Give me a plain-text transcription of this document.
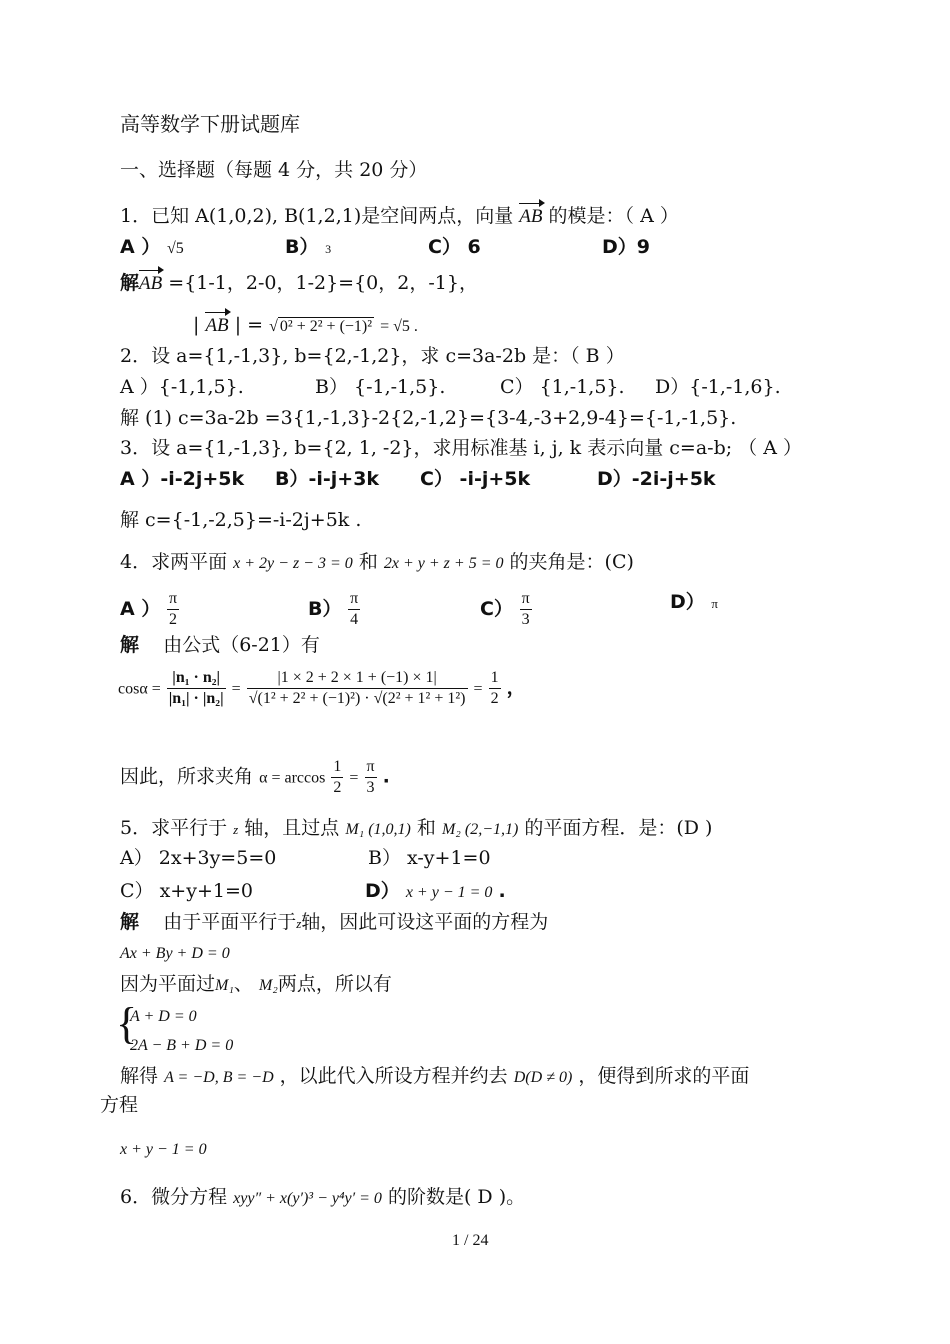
高等数学下册试题库
一、选择题（每题 4 分，共 20 分）
1．已知 A(1,0,2), B(1,2,1)是空间两点，向量 AB 的模是：（ A ）
A ） √5	B） 3	C） 6	D）9
解AB ={1-1，2-0，1-2}={0，2，-1}，
| AB | = √ 0² + 2² + (−1)² = √5 .
2．设 a={1,-1,3}, b={2,-1,2}，求 c=3a-2b 是：（ B ）
A ）{-1,1,5}.	B） {-1,-1,5}.	C） {1,-1,5}. D）{-1,-1,6}.
解 (1) c=3a-2b =3{1,-1,3}-2{2,-1,2}={3-4,-3+2,9-4}={-1,-1,5}.
3．设 a={1,-1,3}, b={2, 1, -2}，求用标准基 i, j, k 表示向量 c=a-b; （ A ）
A ）-i-2j+5k B）-i-j+3k C） -i-j+5k	D）-2i-j+5k
解 c={-1,-2,5}=-i-2j+5k .
4．求两平面 x + 2y − z − 3 = 0 和 2x + y + z + 5 = 0 的夹角是：(C)
A ） $\frac{\pi}{2}$	$B) \frac{\pi}{4}$	$C) \frac{\pi}{3}$	D） π
解 由公式（6-21）有
$\cos\alpha = \frac{\text{|n₁ · n₂|}}{\text{|n₁| · |n₂|}} = \frac{|1 \times 2 + 2 \times 1 + (-1) \times 1|}{\text{√(1² + 2² + (−1)²) · √(2² + 1² + 1²)}} = \frac{1}{2}$ ，
因此，所求夹角 $\alpha = \arccos \frac{1}{2} = \frac{\pi}{3}$ .
5．求平行于 z 轴，且过点 M₁ (1,0,1) 和 M₂ (2,−1,1) 的平面方程．是：(D )
A） 2x+3y=5=0	B） x-y+1=0
C） x+y+1=0	D） x + y − 1 = 0 .
解 由于平面平行于z轴，因此可设这平面的方程为
Ax + By + D = 0
因为平面过M₁、 M₂两点，所以有
{
A + D = 0
2A − B + D = 0
解得 A = −D, B = −D ，以此代入所设方程并约去 D(D ≠ 0) ，便得到所求的平面
方程
x + y − 1 = 0
6．微分方程 xyy″ + x(y′)³ − y⁴y′ = 0 的阶数是( D )。
1 / 24
